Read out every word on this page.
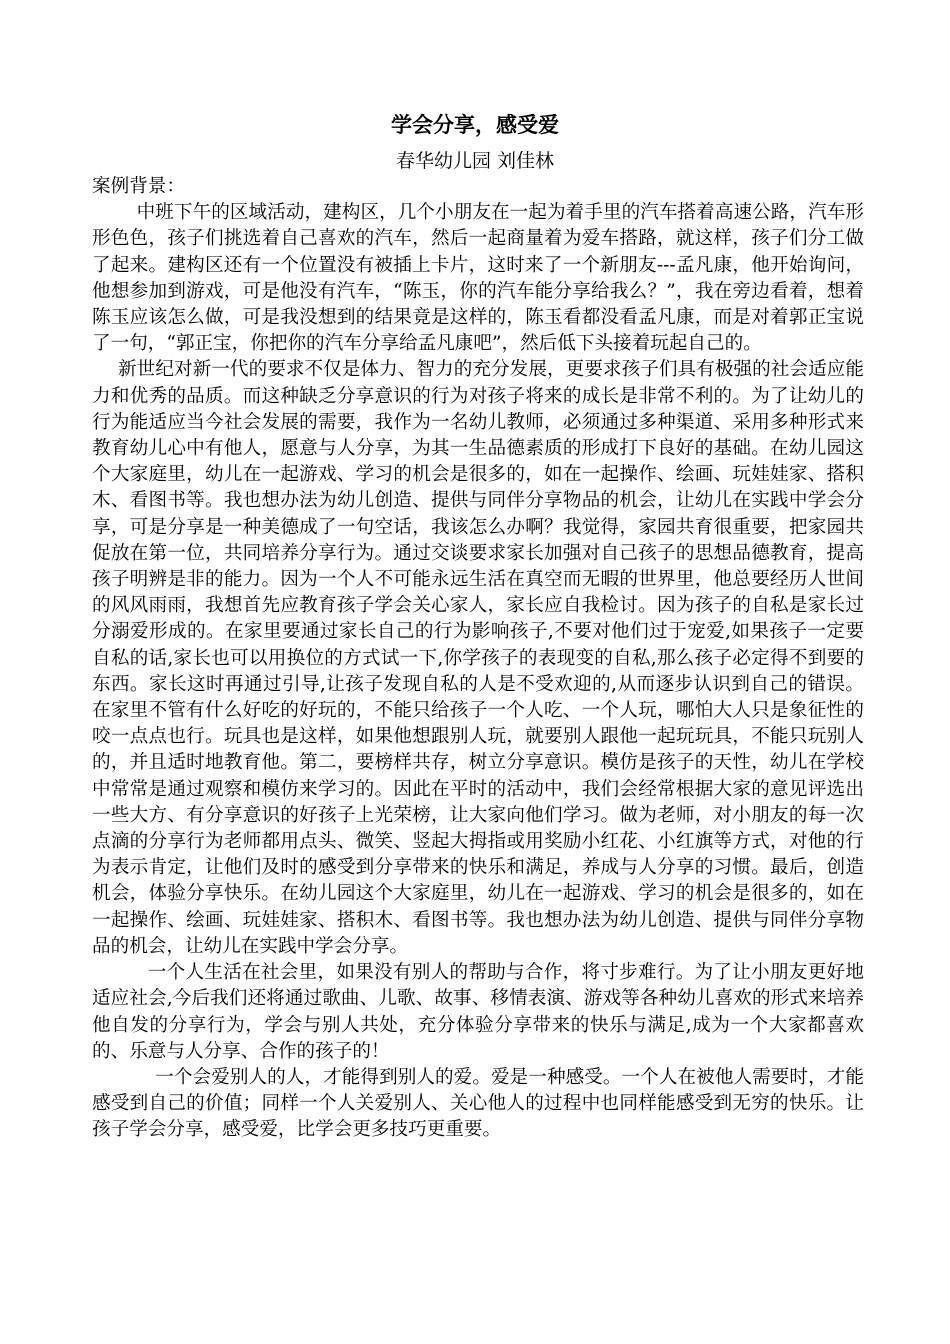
学会分享，感受爱
春华幼儿园 刘佳林

案例背景：

中班下午的区域活动，建构区，几个小朋友在一起为着手里的汽车搭着高速公路，汽车形形色色，孩子们挑选着自己喜欢的汽车，然后一起商量着为爱车搭路，就这样，孩子们分工做了起来。建构区还有一个位置没有被插上卡片，这时来了一个新朋友---孟凡康，他开始询问，他想参加到游戏，可是他没有汽车，“陈玉，你的汽车能分享给我么？”，我在旁边看着，想着陈玉应该怎么做，可是我没想到的结果竟是这样的，陈玉看都没看孟凡康，而是对着郭正宝说了一句，“郭正宝，你把你的汽车分享给孟凡康吧”，然后低下头接着玩起自己的。

新世纪对新一代的要求不仅是体力、智力的充分发展，更要求孩子们具有极强的社会适应能力和优秀的品质。而这种缺乏分享意识的行为对孩子将来的成长是非常不利的。为了让幼儿的行为能适应当今社会发展的需要，我作为一名幼儿教师，必须通过多种渠道、采用多种形式来教育幼儿心中有他人，愿意与人分享，为其一生品德素质的形成打下良好的基础。在幼儿园这个大家庭里，幼儿在一起游戏、学习的机会是很多的，如在一起操作、绘画、玩娃娃家、搭积木、看图书等。我也想办法为幼儿创造、提供与同伴分享物品的机会，让幼儿在实践中学会分享，可是分享是一种美德成了一句空话，我该怎么办啊？我觉得，家园共育很重要，把家园共促放在第一位，共同培养分享行为。通过交谈要求家长加强对自己孩子的思想品德教育，提高孩子明辨是非的能力。因为一个人不可能永远生活在真空而无暇的世界里，他总要经历人世间的风风雨雨，我想首先应教育孩子学会关心家人，家长应自我检讨。因为孩子的自私是家长过分溺爱形成的。在家里要通过家长自己的行为影响孩子,不要对他们过于宠爱,如果孩子一定要自私的话,家长也可以用换位的方式试一下,你学孩子的表现变的自私,那么孩子必定得不到要的东西。家长这时再通过引导,让孩子发现自私的人是不受欢迎的,从而逐步认识到自己的错误。在家里不管有什么好吃的好玩的，不能只给孩子一个人吃、一个人玩，哪怕大人只是象征性的咬一点点也行。玩具也是这样，如果他想跟别人玩，就要别人跟他一起玩玩具，不能只玩别人的，并且适时地教育他。第二，要榜样共存，树立分享意识。模仿是孩子的天性，幼儿在学校中常常是通过观察和模仿来学习的。因此在平时的活动中，我们会经常根据大家的意见评选出一些大方、有分享意识的好孩子上光荣榜，让大家向他们学习。做为老师，对小朋友的每一次点滴的分享行为老师都用点头、微笑、竖起大拇指或用奖励小红花、小红旗等方式，对他的行为表示肯定，让他们及时的感受到分享带来的快乐和满足，养成与人分享的习惯。最后，创造机会，体验分享快乐。在幼儿园这个大家庭里，幼儿在一起游戏、学习的机会是很多的，如在一起操作、绘画、玩娃娃家、搭积木、看图书等。我也想办法为幼儿创造、提供与同伴分享物品的机会，让幼儿在实践中学会分享。

一个人生活在社会里，如果没有别人的帮助与合作，将寸步难行。为了让小朋友更好地适应社会,今后我们还将通过歌曲、儿歌、故事、移情表演、游戏等各种幼儿喜欢的形式来培养他自发的分享行为，学会与别人共处，充分体验分享带来的快乐与满足,成为一个大家都喜欢的、乐意与人分享、合作的孩子的！

一个会爱别人的人，才能得到别人的爱。爱是一种感受。一个人在被他人需要时，才能感受到自己的价值；同样一个人关爱别人、关心他人的过程中也同样能感受到无穷的快乐。让孩子学会分享，感受爱，比学会更多技巧更重要。
